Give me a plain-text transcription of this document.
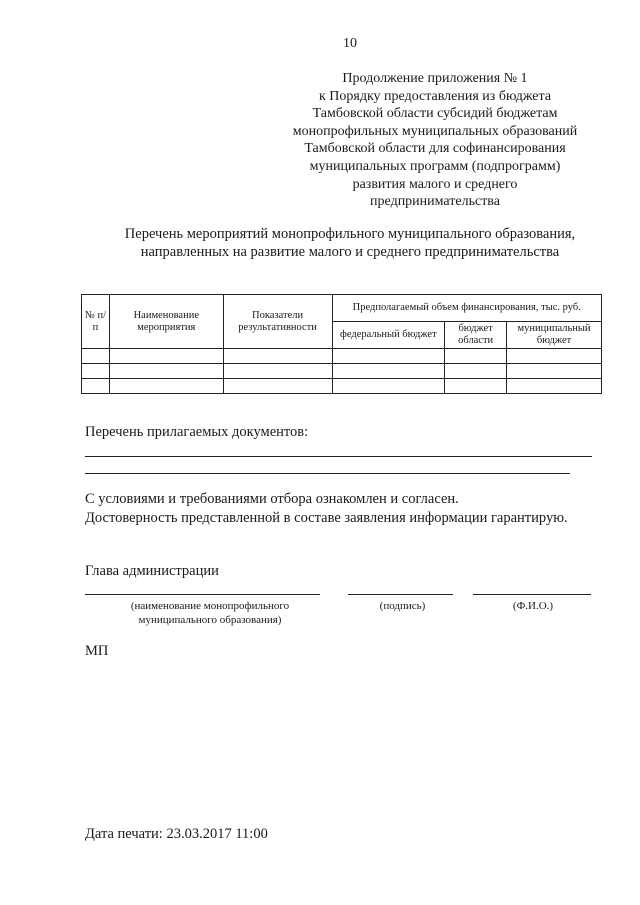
10
Продолжение приложения № 1
к Порядку предоставления из бюджета
Тамбовской области субсидий бюджетам
монопрофильных муниципальных образований
Тамбовской области для софинансирования
муниципальных программ (подпрограмм)
развития малого и среднего
предпринимательства
Перечень мероприятий монопрофильного муниципального образования,
направленных на развитие малого и среднего предпринимательства
№ п/п	Наименование мероприятия	Показатели результативности	Предполагаемый объем финансирования, тыс. руб.		
			федеральный бюджет	бюджет области	муниципальный бюджет

Перечень прилагаемых документов:
С условиями и требованиями отбора ознакомлен и согласен.
Достоверность представленной в составе заявления информации гарантирую.
Глава администрации
(наименование монопрофильного муниципального образования)
(подпись)	(Ф.И.О.)
МП
Дата печати: 23.03.2017 11:00
